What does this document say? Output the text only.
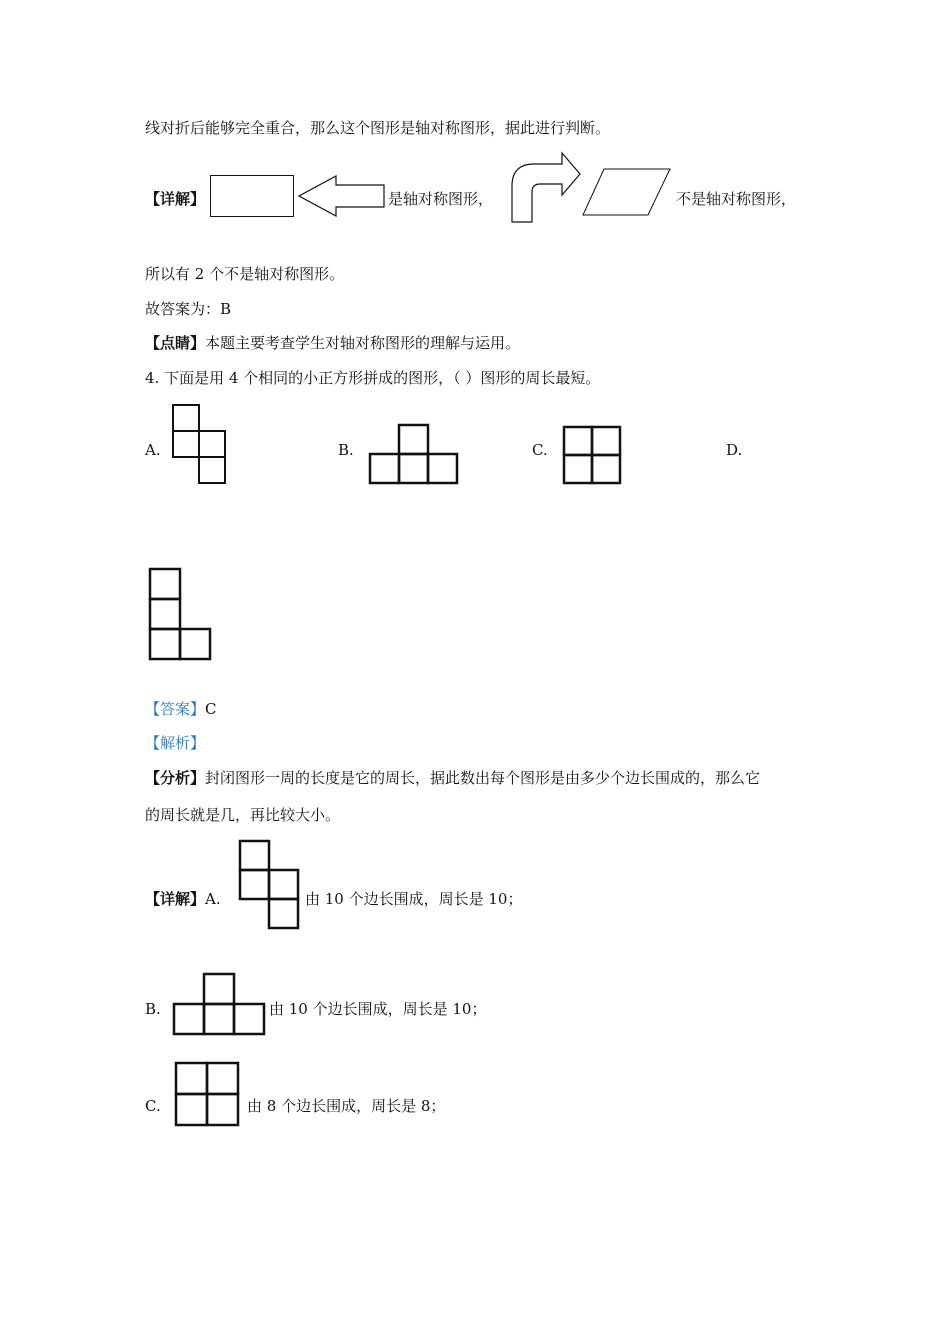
线对折后能够完全重合，那么这个图形是轴对称图形，据此进行判断。
【详解】	是轴对称图形，	不是轴对称图形，
所以有 2 个不是轴对称图形。
故答案为：B
【点睛】本题主要考查学生对轴对称图形的理解与运用。
4. 下面是用 4 个相同的小正方形拼成的图形，（ ）图形的周长最短。
A.	B.	C.	D.
【答案】C
【解析】
【分析】封闭图形一周的长度是它的周长，据此数出每个图形是由多少个边长围成的，那么它
的周长就是几，再比较大小。
【详解】A.	由 10 个边长围成，周长是 10；
B.	由 10 个边长围成，周长是 10；
C.	由 8 个边长围成，周长是 8；
